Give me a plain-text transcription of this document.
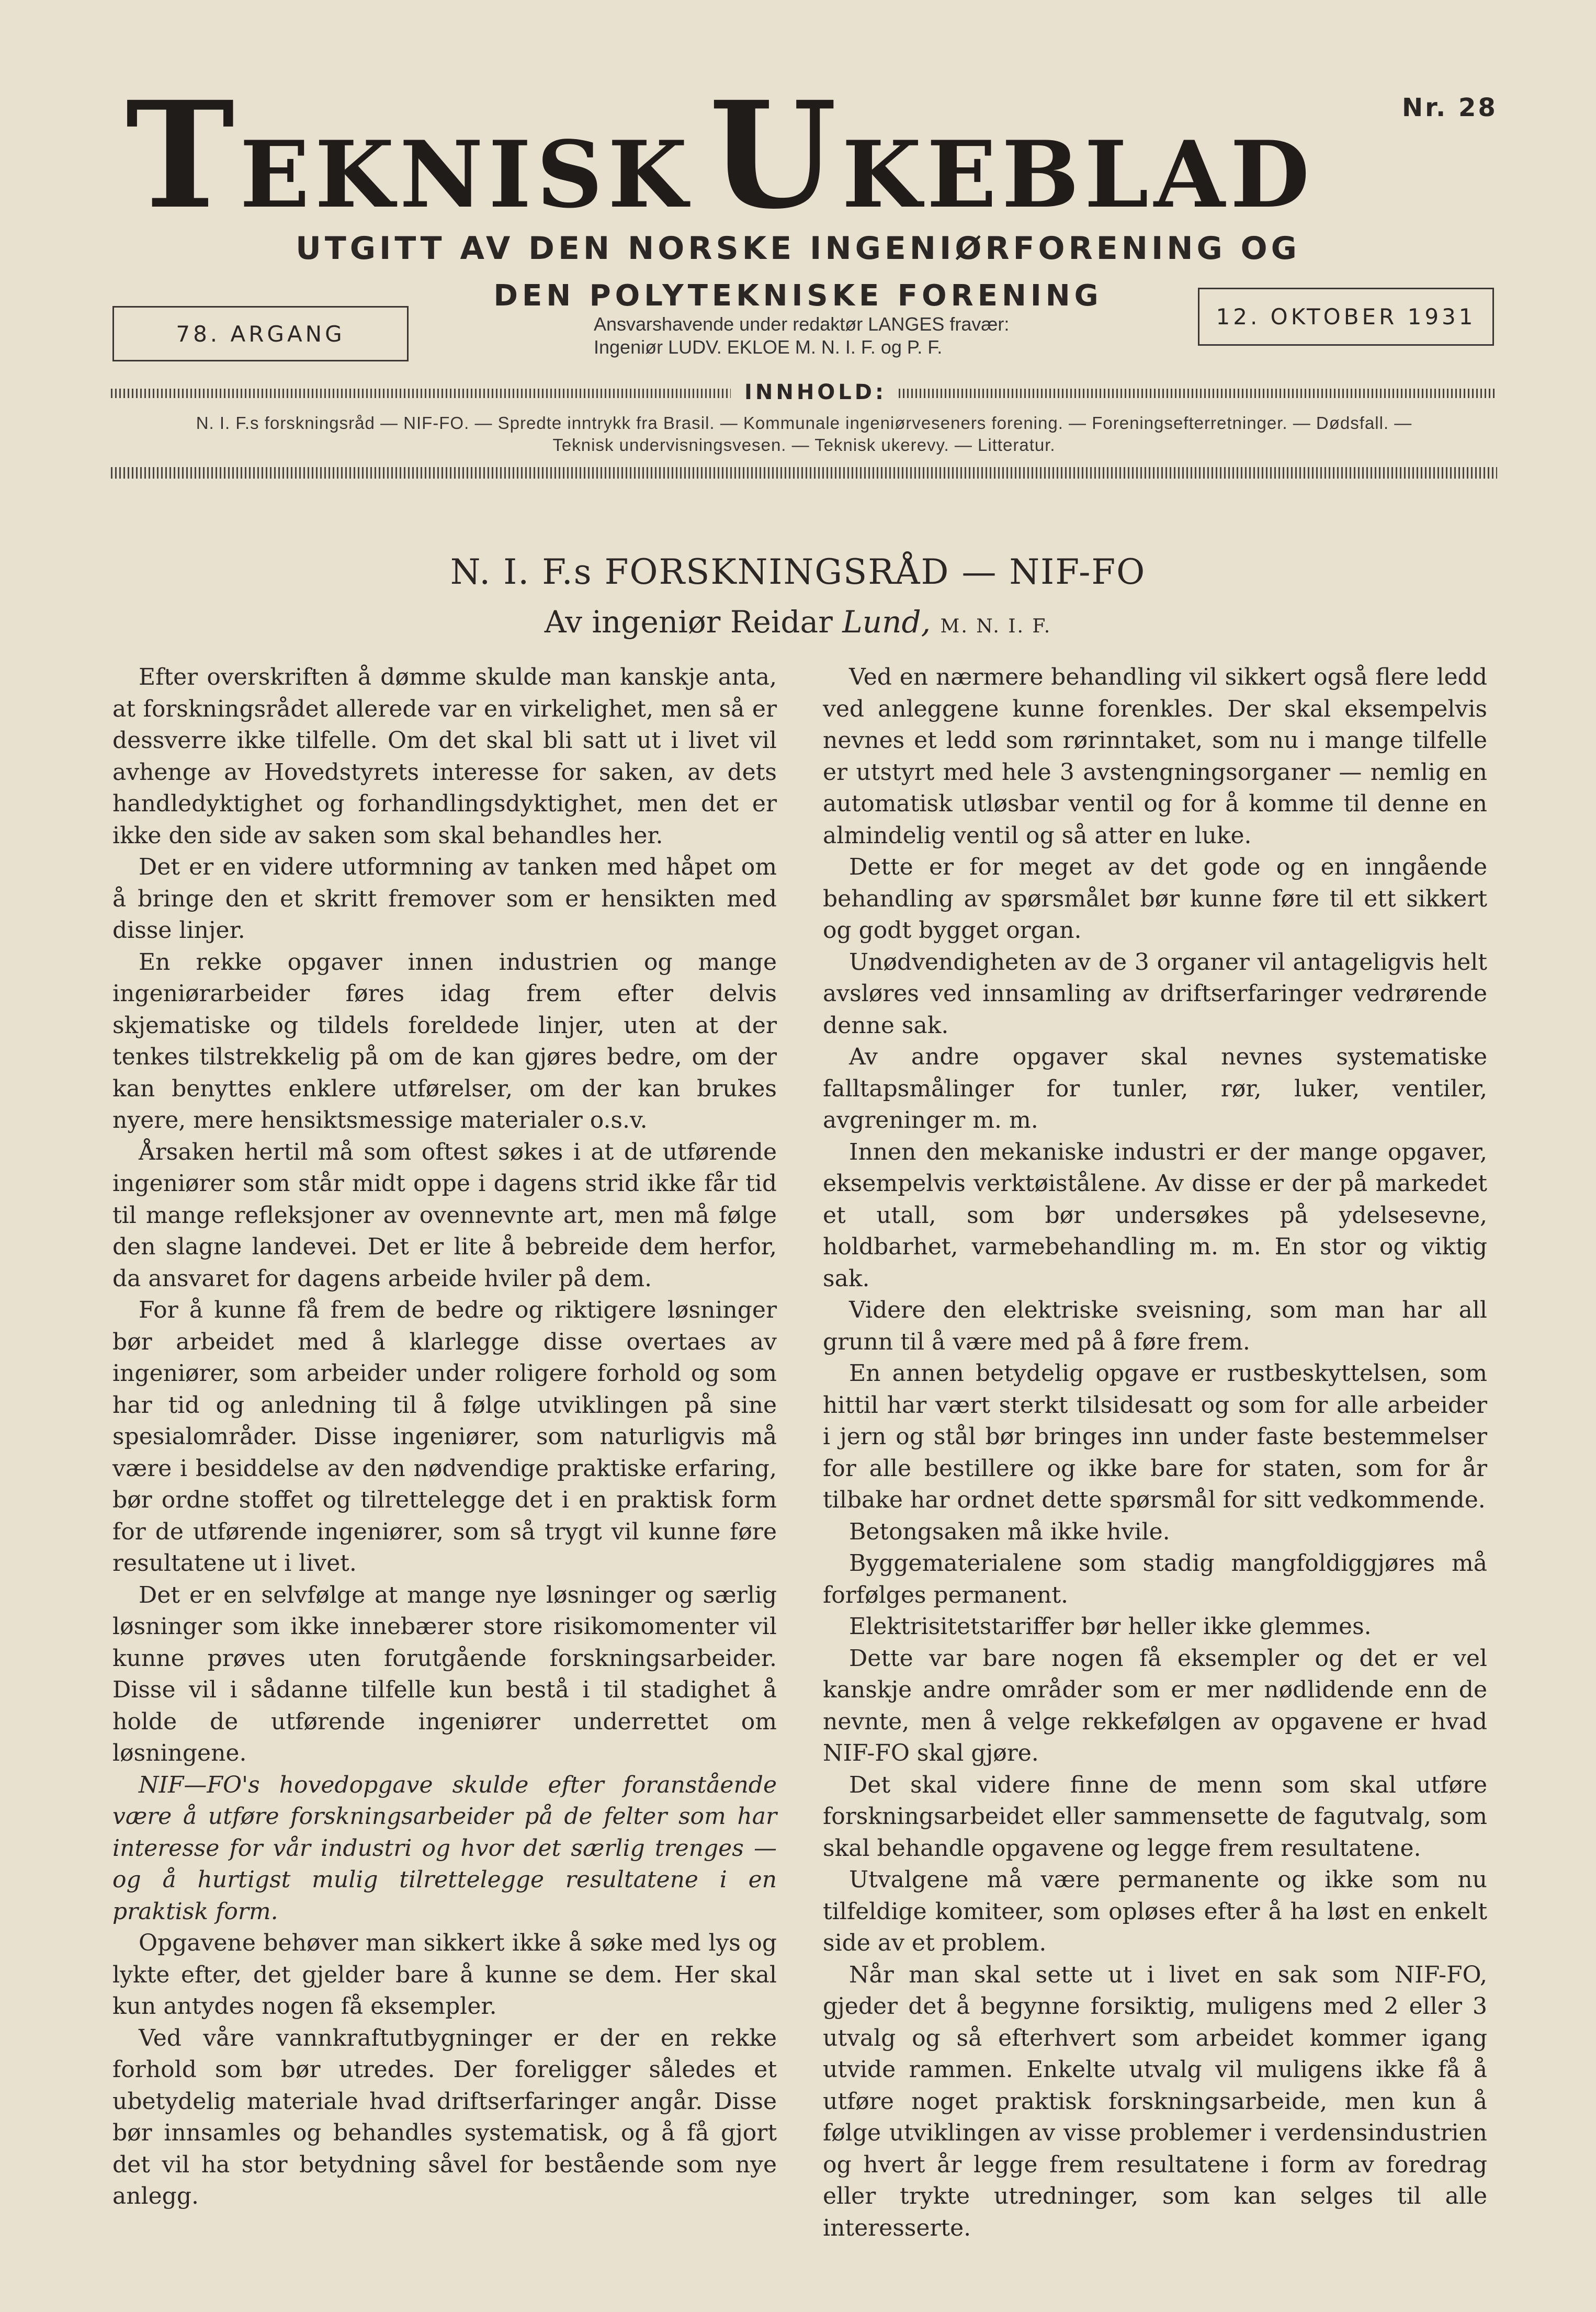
TEKNISK UKEBLAD
Nr. 28
UTGITT AV DEN NORSKE INGENIØRFORENING OG
DEN POLYTEKNISKE FORENING
78. ARGANG
12. OKTOBER 1931
Ansvarshavende under redaktør LANGES fravær:
Ingeniør LUDV. EKLOE M. N. I. F. og P. F.
INNHOLD:
N. I. F.s forskningsråd — NIF-FO. — Spredte inntrykk fra Brasil. — Kommunale ingeniørveseners forening. — Foreningsefterretninger. — Dødsfall. —
Teknisk undervisningsvesen. — Teknisk ukerevy. — Litteratur.
N. I. F.s FORSKNINGSRÅD — NIF-FO
Av ingeniør Reidar Lund, M. N. I. F.

Efter overskriften å dømme skulde man kanskje anta, at forskningsrådet allerede var en virkelighet, men så er dessverre ikke tilfelle. Om det skal bli satt ut i livet vil avhenge av Hovedstyrets interesse for saken, av dets handledyktighet og forhandlingsdyktighet, men det er ikke den side av saken som skal behandles her.

Det er en videre utformning av tanken med håpet om å bringe den et skritt fremover som er hensikten med disse linjer.

En rekke opgaver innen industrien og mange ingeniørarbeider føres idag frem efter delvis skjematiske og tildels foreldede linjer, uten at der tenkes tilstrekkelig på om de kan gjøres bedre, om der kan benyttes enklere utførelser, om der kan brukes nyere, mere hensiktsmessige materialer o.s.v.

Årsaken hertil må som oftest søkes i at de utførende ingeniører som står midt oppe i dagens strid ikke får tid til mange refleksjoner av ovennevnte art, men må følge den slagne landevei. Det er lite å bebreide dem herfor, da ansvaret for dagens arbeide hviler på dem.

For å kunne få frem de bedre og riktigere løsninger bør arbeidet med å klarlegge disse overtaes av ingeniører, som arbeider under roligere forhold og som har tid og anledning til å følge utviklingen på sine spesialområder. Disse ingeniører, som naturligvis må være i besiddelse av den nødvendige praktiske erfaring, bør ordne stoffet og tilrettelegge det i en praktisk form for de utførende ingeniører, som så trygt vil kunne føre resultatene ut i livet.

Det er en selvfølge at mange nye løsninger og særlig løsninger som ikke innebærer store risikomomenter vil kunne prøves uten forutgående forskningsarbeider. Disse vil i sådanne tilfelle kun bestå i til stadighet å holde de utførende ingeniører underrettet om løsningene.

NIF—FO's hovedopgave skulde efter foranstående være å utføre forskningsarbeider på de felter som har interesse for vår industri og hvor det særlig trenges — og å hurtigst mulig tilrettelegge resultatene i en praktisk form.

Opgavene behøver man sikkert ikke å søke med lys og lykte efter, det gjelder bare å kunne se dem. Her skal kun antydes nogen få eksempler.

Ved våre vannkraftutbygninger er der en rekke forhold som bør utredes. Der foreligger således et ubetydelig materiale hvad driftserfaringer angår. Disse bør innsamles og behandles systematisk, og å få gjort det vil ha stor betydning såvel for bestående som nye anlegg.

Ved en nærmere behandling vil sikkert også flere ledd ved anleggene kunne forenkles. Der skal eksempelvis nevnes et ledd som rørinntaket, som nu i mange tilfelle er utstyrt med hele 3 avstengningsorganer — nemlig en automatisk utløsbar ventil og for å komme til denne en almindelig ventil og så atter en luke.

Dette er for meget av det gode og en inngående behandling av spørsmålet bør kunne føre til ett sikkert og godt bygget organ.

Unødvendigheten av de 3 organer vil antageligvis helt avsløres ved innsamling av driftserfaringer vedrørende denne sak.

Av andre opgaver skal nevnes systematiske falltapsmålinger for tunler, rør, luker, ventiler, avgreninger m. m.

Innen den mekaniske industri er der mange opgaver, eksempelvis verktøistålene. Av disse er der på markedet et utall, som bør undersøkes på ydelsesevne, holdbarhet, varmebehandling m. m. En stor og viktig sak.

Videre den elektriske sveisning, som man har all grunn til å være med på å føre frem.

En annen betydelig opgave er rustbeskyttelsen, som hittil har vært sterkt tilsidesatt og som for alle arbeider i jern og stål bør bringes inn under faste bestemmelser for alle bestillere og ikke bare for staten, som for år tilbake har ordnet dette spørsmål for sitt vedkommende.

Betongsaken må ikke hvile.

Byggematerialene som stadig mangfoldiggjøres må forfølges permanent.

Elektrisitetstariffer bør heller ikke glemmes.

Dette var bare nogen få eksempler og det er vel kanskje andre områder som er mer nødlidende enn de nevnte, men å velge rekkefølgen av opgavene er hvad NIF-FO skal gjøre.

Det skal videre finne de menn som skal utføre forskningsarbeidet eller sammensette de fagutvalg, som skal behandle opgavene og legge frem resultatene.

Utvalgene må være permanente og ikke som nu tilfeldige komiteer, som opløses efter å ha løst en enkelt side av et problem.

Når man skal sette ut i livet en sak som NIF-FO, gjeder det å begynne forsiktig, muligens med 2 eller 3 utvalg og så efterhvert som arbeidet kommer igang utvide rammen. Enkelte utvalg vil muligens ikke få å utføre noget praktisk forskningsarbeide, men kun å følge utviklingen av visse problemer i verdensindustrien og hvert år legge frem resultatene i form av foredrag eller trykte utredninger, som kan selges til alle interesserte.
